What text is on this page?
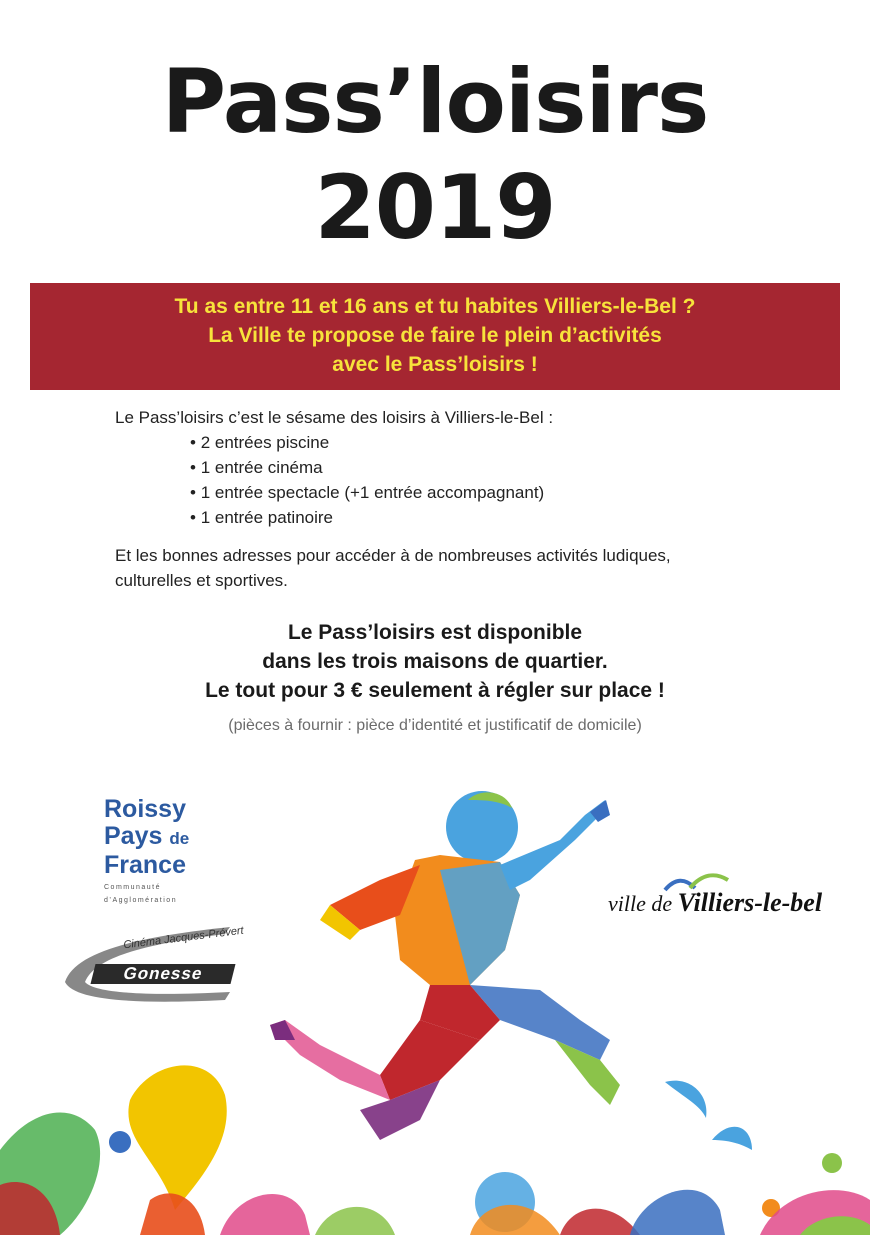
Pass’loisirs
2019
Tu as entre 11 et 16 ans et tu habites Villiers-le-Bel ?
La Ville te propose de faire le plein d’activités
avec le Pass’loisirs !
Le Pass’loisirs c’est le sésame des loisirs à Villiers-le-Bel :
• 2 entrées piscine
• 1 entrée cinéma
• 1 entrée spectacle (+1 entrée accompagnant)
• 1 entrée patinoire
Et les bonnes adresses pour accéder à de nombreuses activités ludiques,
culturelles et sportives.
Le Pass’loisirs est disponible
dans les trois maisons de quartier.
Le tout pour 3 € seulement à régler sur place !
(pièces à fournir : pièce d’identité et justificatif de domicile)
Roissy
Pays de
France
Communauté
d’Agglomération
Cinéma Jacques-Prévert
Gonesse
ville de Villiers-le-bel
